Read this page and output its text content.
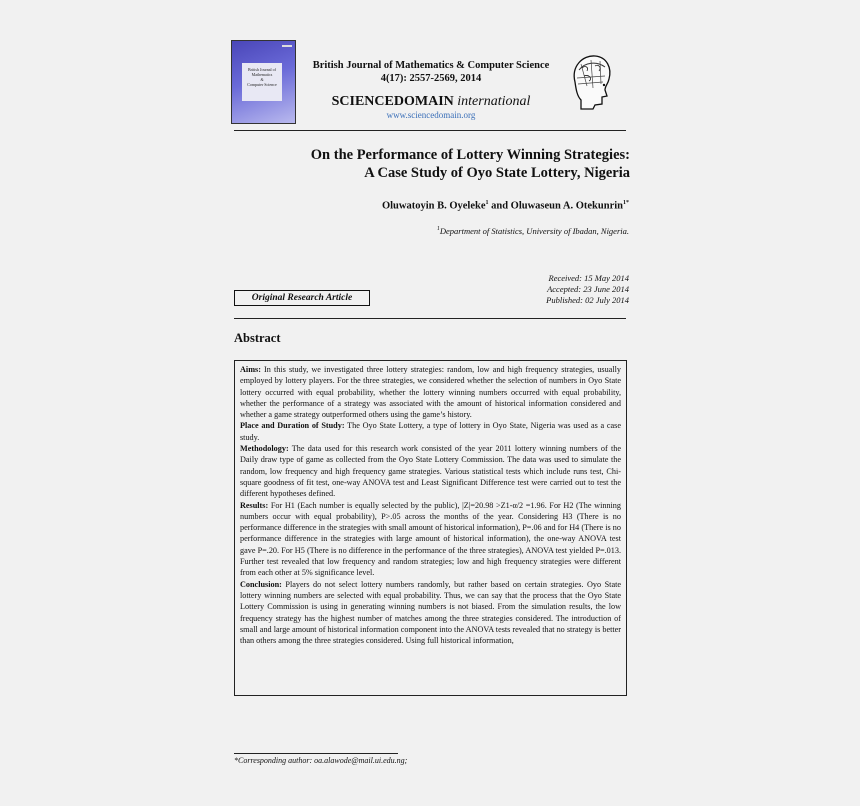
British Journal of
Mathematics
&
Computer Science
British Journal of Mathematics & Computer Science
4(17): 2557-2569, 2014
SCIENCEDOMAIN international
www.sciencedomain.org
On the Performance of Lottery Winning Strategies:
A Case Study of Oyo State Lottery, Nigeria
Oluwatoyin B. Oyeleke$^1$ and Oluwaseun A. Otekunrin$^{1*}$
$^1$Department of Statistics, University of Ibadan, Nigeria.
Received: 15 May 2014
Accepted: 23 June 2014
Published: 02 July 2014
Original Research Article
Abstract

Aims: In this study, we investigated three lottery strategies: random, low and high frequency strategies, usually employed by lottery players. For the three strategies, we considered whether the selection of numbers in Oyo State lottery occurred with equal probability, whether the lottery winning numbers occurred with equal probability, whether the performance of a strategy was associated with the amount of historical information considered and whether a game strategy outperformed others using the game’s history.

Place and Duration of Study: The Oyo State Lottery, a type of lottery in Oyo State, Nigeria was used as a case study.

Methodology: The data used for this research work consisted of the year 2011 lottery winning numbers of the Daily draw type of game as collected from the Oyo State Lottery Commission. The data was used to simulate the random, low frequency and high frequency game strategies. Various statistical tests which include runs test, Chi-square goodness of fit test, one-way ANOVA test and Least Significant Difference test were carried out to test the different hypotheses defined.

Results: For H1 (Each number is equally selected by the public), |Z|=20.98 >Z1-α/2 =1.96. For H2 (The winning numbers occur with equal probability), P>.05 across the months of the year. Considering H3 (There is no performance difference in the strategies with small amount of historical information), P=.06 and for H4 (There is no performance difference in the strategies with large amount of historical information), the one-way ANOVA test gave P=.20. For H5 (There is no difference in the performance of the three strategies), ANOVA test yielded P=.013. Further test revealed that low frequency and random strategies; low and high frequency strategies were different from each other at 5% significance level.

Conclusion: Players do not select lottery numbers randomly, but rather based on certain strategies. Oyo State lottery winning numbers are selected with equal probability. Thus, we can say that the process that the Oyo State Lottery Commission is using in generating winning numbers is not biased. From the simulation results, the low frequency strategy has the highest number of matches among the three strategies considered. The introduction of small and large amount of historical information component into the ANOVA tests revealed that no strategy is better than others among the three strategies considered. Using full historical information,

*Corresponding author: oa.alawode@mail.ui.edu.ng;
